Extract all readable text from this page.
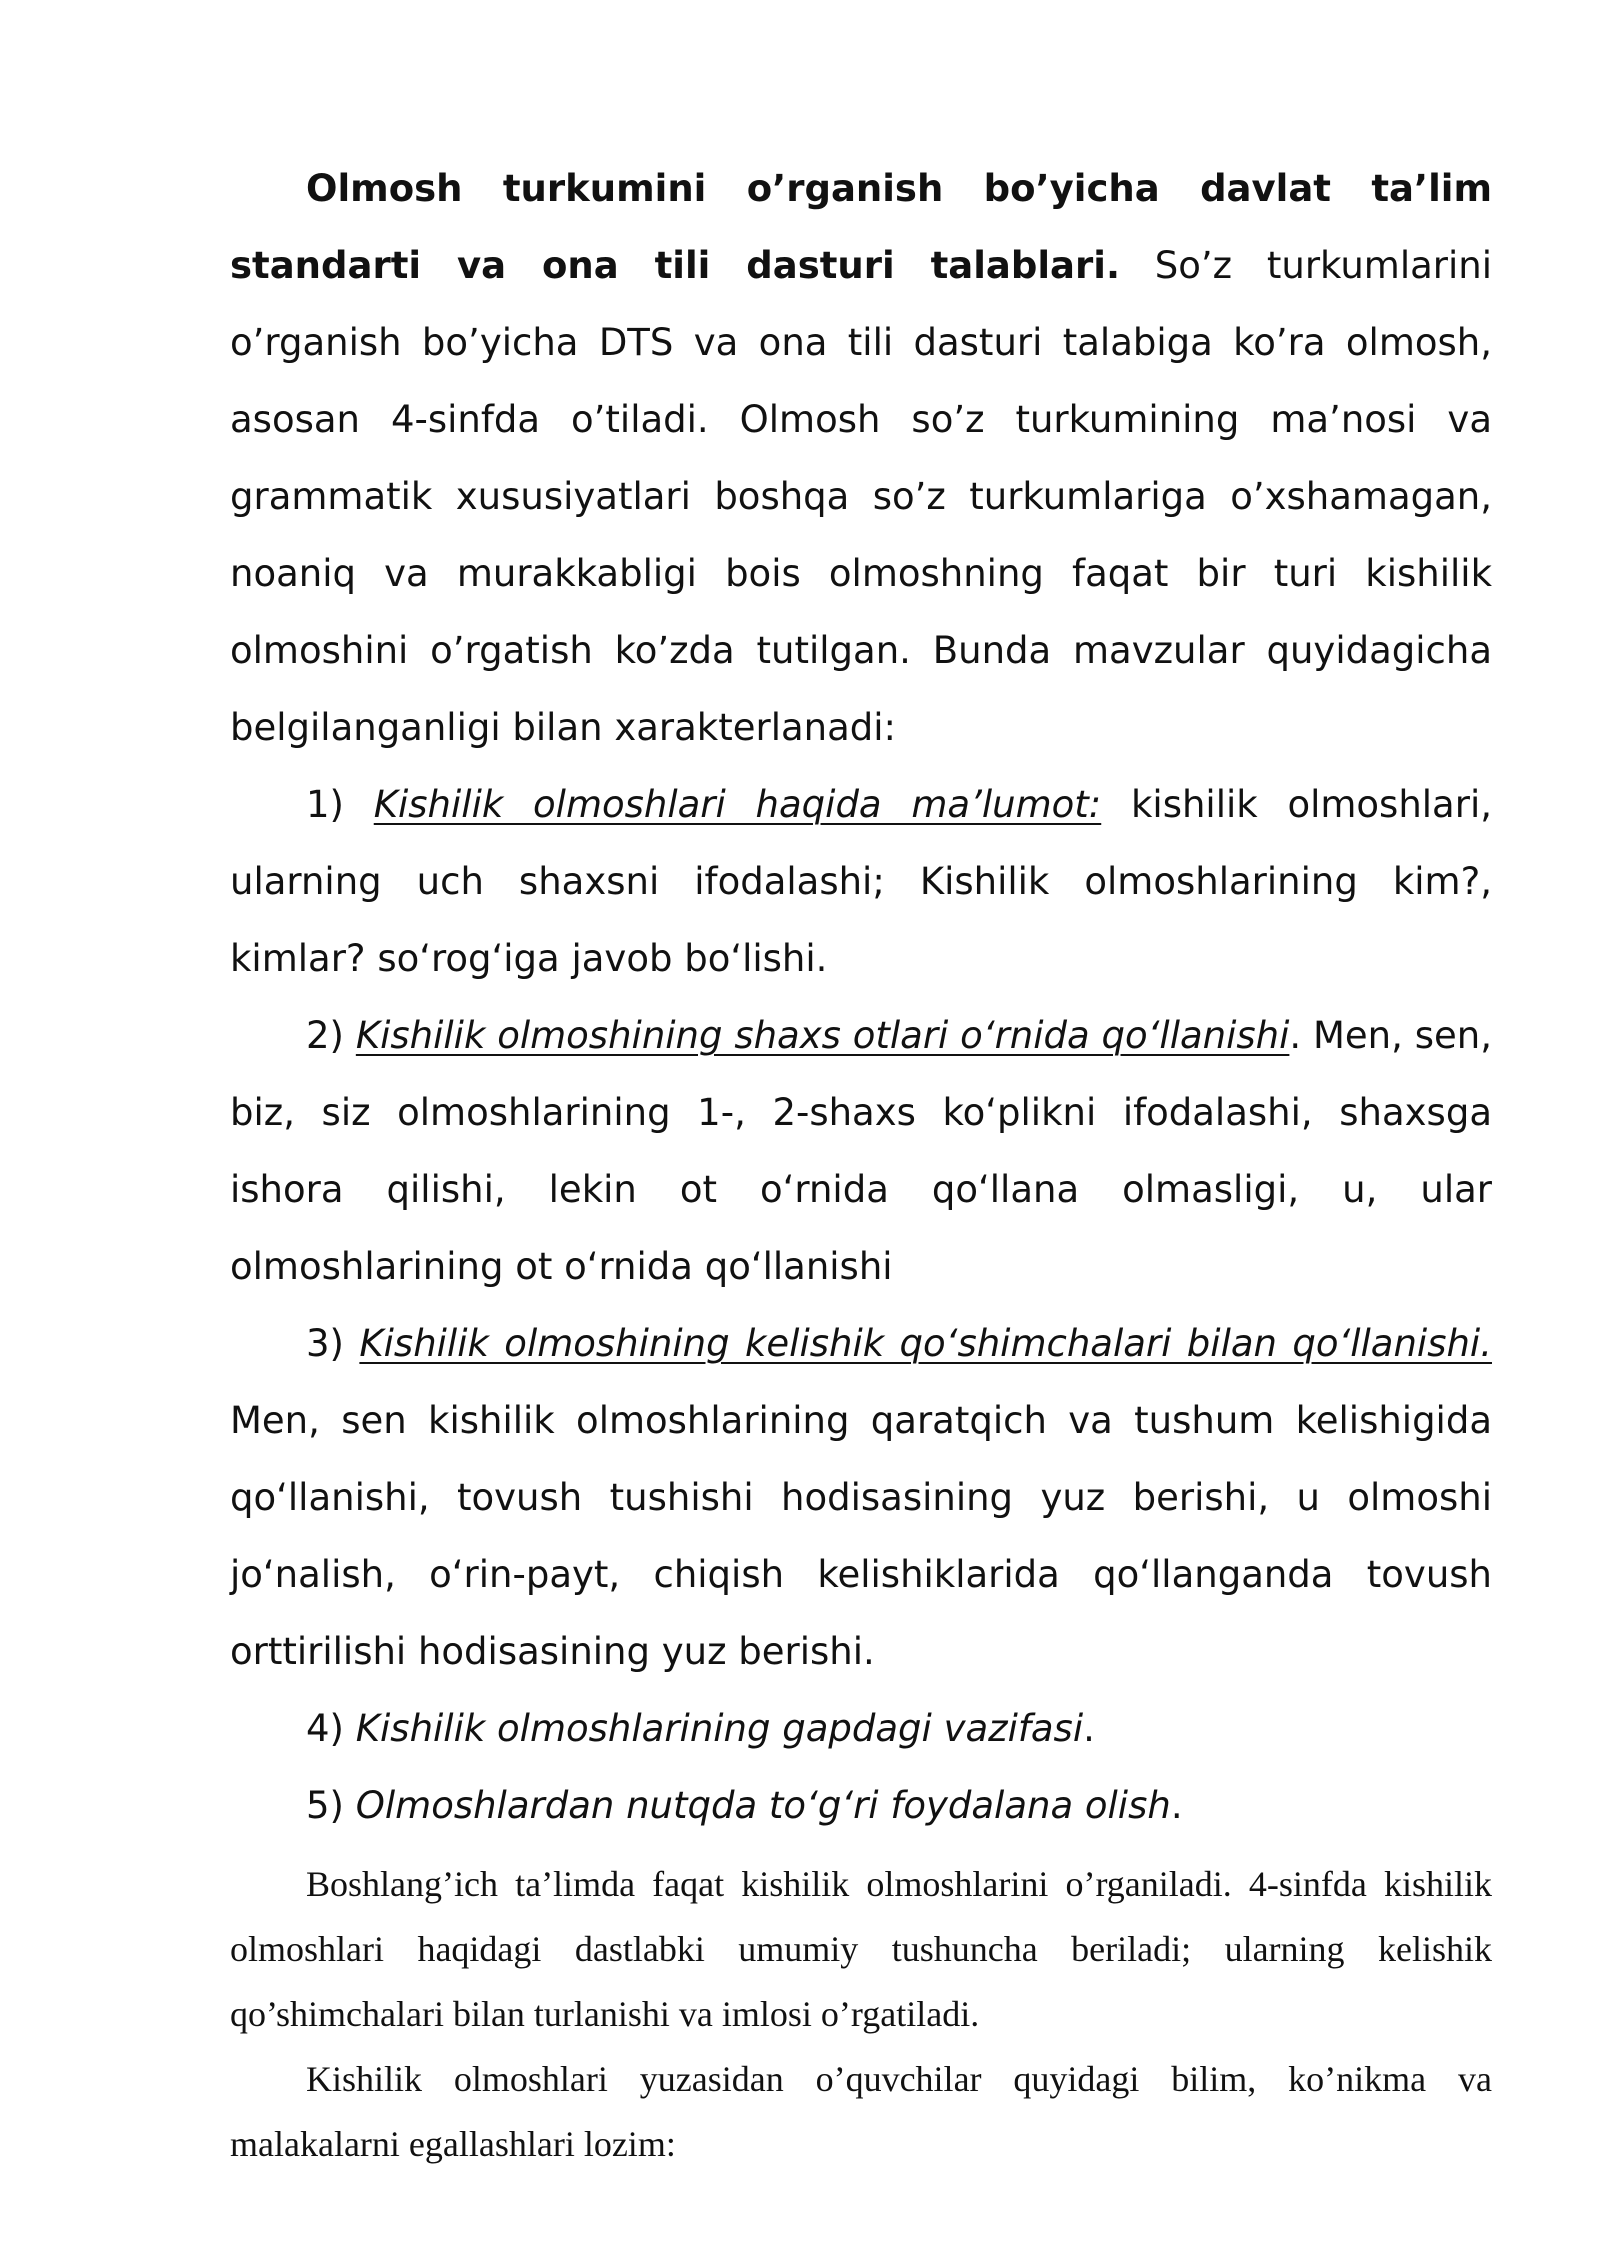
Olmosh turkumini o’rganish bo’yicha davlat ta’lim standarti va ona tili dasturi talablari. So’z turkumlarini o’rganish bo’yicha DTS va ona tili dasturi talabiga ko’ra olmosh, asosan 4-sinfda o’tiladi. Olmosh so’z turkumining ma’nosi va grammatik xususiyatlari boshqa so’z turkumlariga o’xshamagan, noaniq va murakkabligi bois olmoshning faqat bir turi kishilik olmoshini o’rgatish ko’zda tutilgan. Bunda mavzular quyidagicha belgilanganligi bilan xarakterlanadi:

1) Kishilik olmoshlari haqida ma’lumot: kishilik olmoshlari, ularning uch shaxsni ifodalashi; Kishilik olmoshlarining kim?, kimlar? so‘rog‘iga javob bo‘lishi.

2) Kishilik olmoshining shaxs otlari o‘rnida qo‘llanishi. Men, sen, biz, siz olmoshlarining 1-, 2-shaxs ko‘plikni ifodalashi, shaxsga ishora qilishi, lekin ot o‘rnida qo‘llana olmasligi, u, ular olmoshlarining ot o‘rnida qo‘llanishi

3) Kishilik olmoshining kelishik qo‘shimchalari bilan qo‘llanishi. Men, sen kishilik olmoshlarining qaratqich va tushum kelishigida qo‘llanishi, tovush tushishi hodisasining yuz berishi, u olmoshi jo‘nalish, o‘rin-payt, chiqish kelishiklarida qo‘llanganda tovush orttirilishi hodisasining yuz berishi.

4) Kishilik olmoshlarining gapdagi vazifasi.

5) Olmoshlardan nutqda to‘g‘ri foydalana olish.

Boshlang’ich ta’limda faqat kishilik olmoshlarini o’rganiladi. 4-sinfda kishilik olmoshlari haqidagi dastlabki umumiy tushuncha beriladi; ularning kelishik qo’shimchalari bilan turlanishi va imlosi o’rgatiladi.

Kishilik olmoshlari yuzasidan o’quvchilar quyidagi bilim, ko’nikma va malakalarni egallashlari lozim:
